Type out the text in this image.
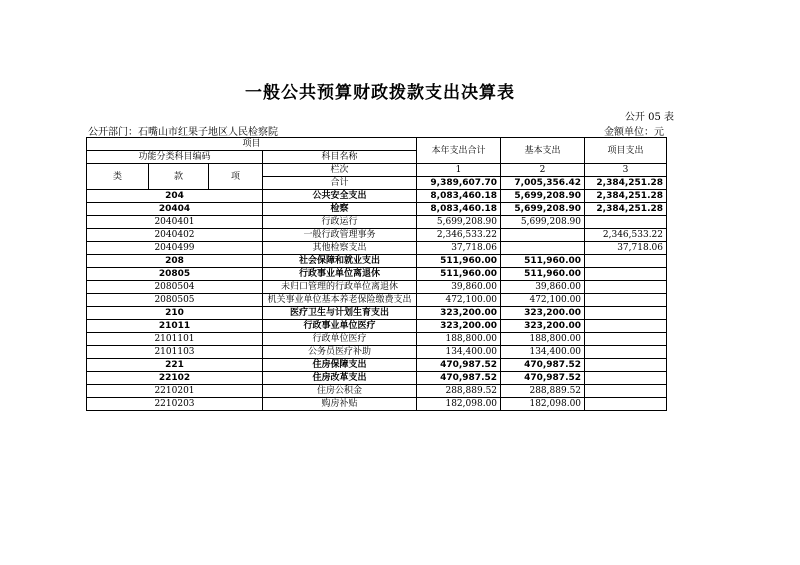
一般公共预算财政拨款支出决算表
公开 05 表
公开部门：石嘴山市红果子地区人民检察院	金额单位：元
项目				本年支出合计	基本支出	项目支出
功能分类科目编码			科目名称			

类	款	项	栏次	1	2	3
			合计	9,389,607.70	7,005,356.42	2,384,251.28
204			公共安全支出	8,083,460.18	5,699,208.90	2,384,251.28
20404			检察	8,083,460.18	5,699,208.90	2,384,251.28
2040401			行政运行	5,699,208.90	5,699,208.90	
2040402			一般行政管理事务	2,346,533.22		2,346,533.22
2040499			其他检察支出	37,718.06		37,718.06
208			社会保障和就业支出	511,960.00	511,960.00	
20805			行政事业单位离退休	511,960.00	511,960.00	
2080504			未归口管理的行政单位离退休	39,860.00	39,860.00	
2080505			机关事业单位基本养老保险缴费支出	472,100.00	472,100.00	
210			医疗卫生与计划生育支出	323,200.00	323,200.00	
21011			行政事业单位医疗	323,200.00	323,200.00	
2101101			行政单位医疗	188,800.00	188,800.00	
2101103			公务员医疗补助	134,400.00	134,400.00	
221			住房保障支出	470,987.52	470,987.52	
22102			住房改革支出	470,987.52	470,987.52	
2210201			住房公积金	288,889.52	288,889.52	
2210203			购房补贴	182,098.00	182,098.00	
